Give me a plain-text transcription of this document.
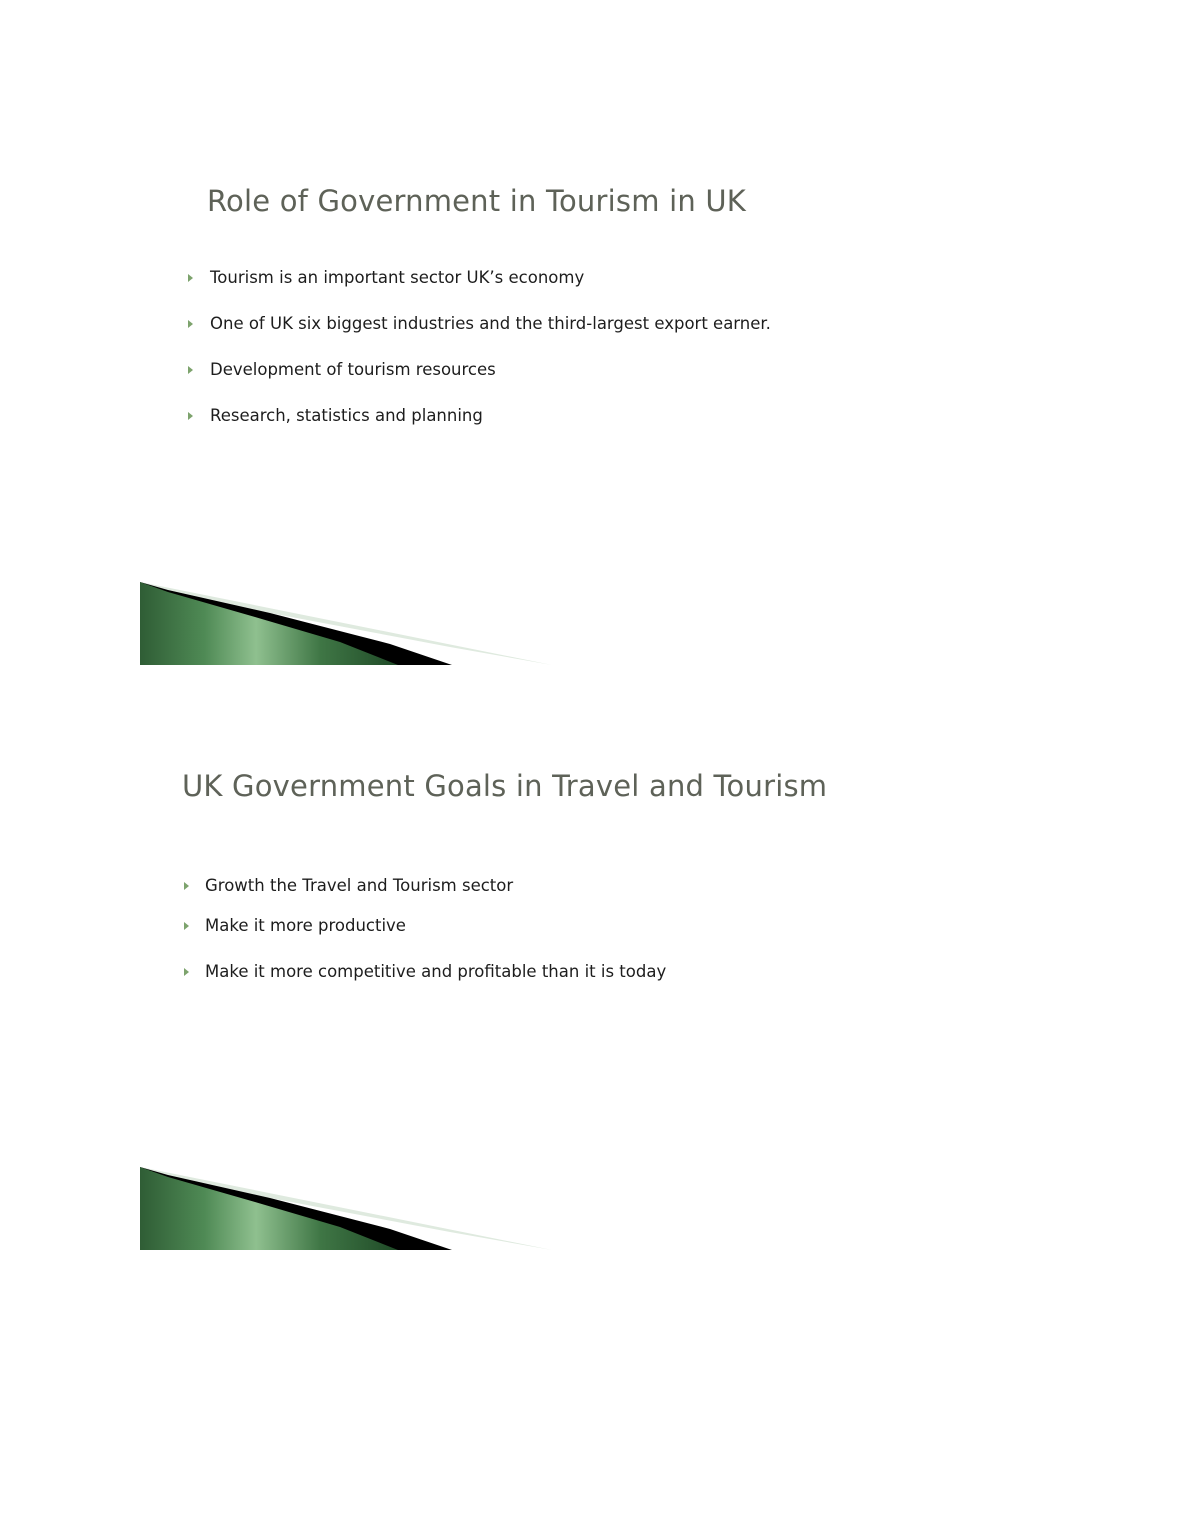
Role of Government in Tourism in UK
Tourism is an important sector UK’s economy
One of UK six biggest industries and the third-largest export earner.
Development of tourism resources
Research, statistics and planning
UK Government Goals in Travel and Tourism
Growth the Travel and Tourism sector
Make it more productive
Make it more competitive and profitable than it is today
